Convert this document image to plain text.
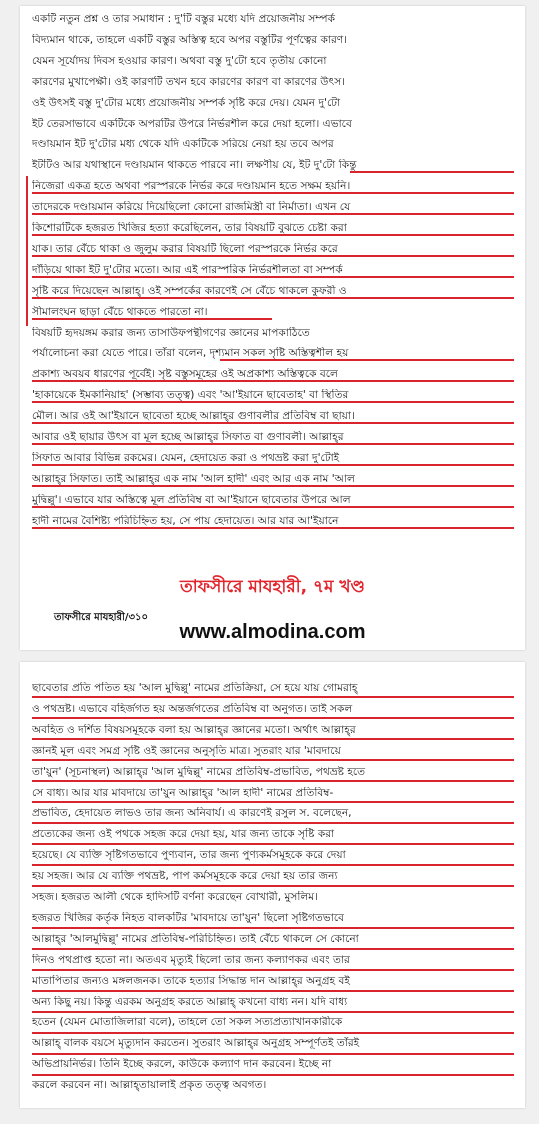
একটি নতুন প্রশ্ন ও তার সমাধান : দু'টি বস্তুর মধ্যে যদি প্রয়োজনীয় সম্পর্ক
বিদ্যমান থাকে, তাহলে একটি বস্তুর অস্তিত্ব হবে অপর বস্তুটির পূর্ণত্বের কারণ।
যেমন সূর্যোদয় দিবস হওয়ার কারণ। অথবা বস্তু দু'টো হবে তৃতীয় কোনো
কারণের মুখাপেক্ষী। ওই কারণটি তখন হবে কারণের কারণ বা কারণের উৎস।
ওই উৎসই বস্তু দু'টোর মধ্যে প্রয়োজনীয় সম্পর্ক সৃষ্টি করে দেয়। যেমন দু'টো
ইট তেরসাভাবে একটিকে অপরটির উপরে নির্ভরশীল করে দেয়া হলো। এভাবে
দণ্ডায়মান ইট দু'টোর মধ্য থেকে যদি একটিকে সরিয়ে নেয়া হয় তবে অপর
ইটটিও আর যথাস্থানে দণ্ডায়মান থাকতে পারবে না। লক্ষণীয় যে, ইট দু'টো কিন্তু
নিজেরা একত্র হতে অথবা পরস্পরকে নির্ভর করে দণ্ডায়মান হতে সক্ষম হয়নি।
তাদেরকে দণ্ডায়মান করিয়ে দিয়েছিলো কোনো রাজমিস্ত্রী বা নির্মাতা। এখন যে
কিশোরটিকে হজরত খিজির হত্যা করেছিলেন, তার বিষয়টি বুঝতে চেষ্টা করা
যাক। তার বেঁচে থাকা ও জুলুম করার বিষয়টি ছিলো পরস্পরকে নির্ভর করে
দাঁড়িয়ে থাকা ইট দু'টোর মতো। আর এই পারস্পরিক নির্ভরশীলতা বা সম্পর্ক
সৃষ্টি করে দিয়েছেন আল্লাহ্। ওই সম্পর্কের কারণেই সে বেঁচে থাকলে কুফরী ও
সীমালংঘন ছাড়া বেঁচে থাকতে পারতো না।
বিষয়টি হৃদয়ঙ্গম করার জন্য তাসাউফপন্থীগণের জ্ঞানের মাপকাঠিতে
পর্যালোচনা করা যেতে পারে। তাঁরা বলেন, দৃশ্যমান সকল সৃষ্টি অস্তিত্বশীল হয়
প্রকাশ্য অবয়ব ধারণের পূর্বেই। সৃষ্ট বস্তুসমূহের ওই অপ্রকাশ্য অস্তিত্বকে বলে
'হাকায়েকে ইমকানিয়াহ' (সম্ভাব্য তত্ত্ব) এবং 'আ'ইয়ানে ছাবেতাহ' বা স্থিতির
মৌল। আর ওই আ'ইয়ানে ছাবেতা হচ্ছে আল্লাহ্‌র গুণাবলীর প্রতিবিম্ব বা ছায়া।
আবার ওই ছায়ার উৎস বা মূল হচ্ছে আল্লাহ্‌র সিফাত বা গুণাবলী। আল্লাহ্‌র
সিফাত আবার বিভিন্ন রকমের। যেমন, হেদায়েত করা ও পথভ্রষ্ট করা দু'টোই
আল্লাহ্‌র সিফাত। তাই আল্লাহ্‌র এক নাম 'আল হাদী' এবং আর এক নাম 'আল
মুদ্বিল্লু'। এভাবে যার অস্তিত্বে মূল প্রতিবিম্ব বা আ'ইয়ানে ছাবেতার উপরে আল
হাদী নামের বৈশিষ্ট্য পরিচিহ্নিত হয়, সে পায় হেদায়েত। আর যার আ'ইয়ানে
তাফসীরে মাযহারী, ৭ম খণ্ড
তাফসীরে মাযহারী/৩১০
www.almodina.com
ছাবেতার প্রতি পতিত হয় 'আল মুদ্বিল্লু' নামের প্রতিক্রিয়া, সে হয়ে যায় গোমরাহ্
ও পথভ্রষ্ট। এভাবে বহির্জগত হয় অন্তর্জগতের প্রতিবিম্ব বা অনুগত। তাই সকল
অবহিত ও দর্শিত বিষয়সমূহকে বলা হয় আল্লাহ্‌র জ্ঞানের মতো। অর্থাৎ আল্লাহ্‌র
জ্ঞানই মূল এবং সমগ্র সৃষ্টি ওই জ্ঞানের অনুসৃতি মাত্র। সুতরাং যার 'মাবদায়ে
তা'য়ুন' (সূচনাস্থল) আল্লাহ্‌র 'আল মুদ্বিল্লু' নামের প্রতিবিম্ব-প্রভাবিত, পথভ্রষ্ট হতে
সে বাধ্য। আর যার মাবদায়ে তা'য়ুন আল্লাহ্‌র 'আল হাদী' নামের প্রতিবিম্ব-
প্রভাবিত, হেদায়েত লাভও তার জন্য অনিবার্য। এ কারণেই রসুল স. বলেছেন,
প্রত্যেকের জন্য ওই পথকে সহজ করে দেয়া হয়, যার জন্য তাকে সৃষ্টি করা
হয়েছে। যে ব্যক্তি সৃষ্টিগতভাবে পুণ্যবান, তার জন্য পুণ্যকর্মসমূহকে করে দেয়া
হয় সহজ। আর যে ব্যক্তি পথভ্রষ্ট, পাপ কর্মসমূহকে করে দেয়া হয় তার জন্য
সহজ। হজরত আলী থেকে হাদিসটি বর্ণনা করেছেন বোখারী, মুসলিম।
হজরত খিজির কর্তৃক নিহত বালকটির 'মাবদায়ে তা'য়ুন' ছিলো সৃষ্টিগতভাবে
আল্লাহ্‌র 'আলমুদ্বিল্লু' নামের প্রতিবিম্ব-পরিচিহ্নিত। তাই বেঁচে থাকলে সে কোনো
দিনও পথপ্রাপ্ত হতো না। অতএব মৃত্যুই ছিলো তার জন্য কল্যাণকর এবং তার
মাতাপিতার জন্যও মঙ্গলজনক। তাকে হত্যার সিদ্ধান্ত দান আল্লাহ্‌র অনুগ্রহ বই
অন্য কিছু নয়। কিন্তু এরকম অনুগ্রহ করতে আল্লাহ্ কখনো বাধ্য নন। যদি বাধ্য
হতেন (যেমন মোতাজিলারা বলে), তাহলে তো সকল সত্যপ্রত্যাখানকারীকে
আল্লাহ্ বালক বয়সে মৃত্যুদান করতেন। সুতরাং আল্লাহ্‌র অনুগ্রহ সম্পূর্ণতই তাঁরই
অভিপ্রায়নির্ভর। তিনি ইচ্ছে করলে, কাউকে কল্যাণ দান করবেন। ইচ্ছে না
করলে করবেন না। আল্লাহ্‌তায়ালাই প্রকৃত তত্ত্ব অবগত।
